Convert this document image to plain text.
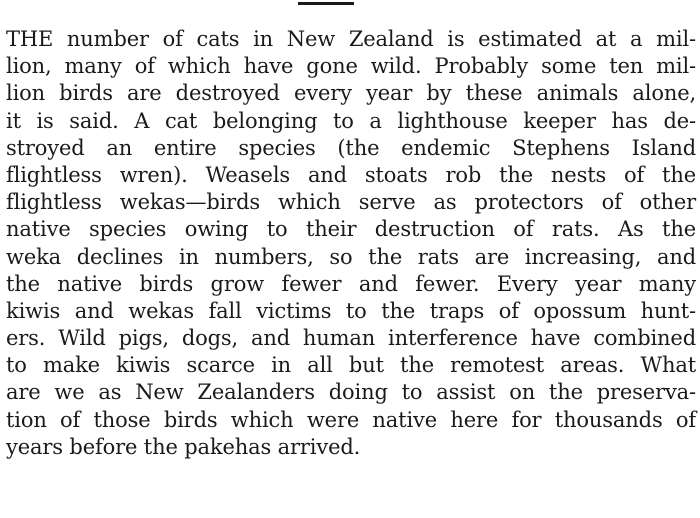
THE number of cats in New Zealand is estimated at a mil-
lion, many of which have gone wild. Probably some ten mil-
lion birds are destroyed every year by these animals alone,
it is said. A cat belonging to a lighthouse keeper has de-
stroyed an entire species (the endemic Stephens Island
flightless wren). Weasels and stoats rob the nests of the
flightless wekas—birds which serve as protectors of other
native species owing to their destruction of rats. As the
weka declines in numbers, so the rats are increasing, and
the native birds grow fewer and fewer. Every year many
kiwis and wekas fall victims to the traps of opossum hunt-
ers. Wild pigs, dogs, and human interference have combined
to make kiwis scarce in all but the remotest areas. What
are we as New Zealanders doing to assist on the preserva-
tion of those birds which were native here for thousands of
years before the pakehas arrived.
